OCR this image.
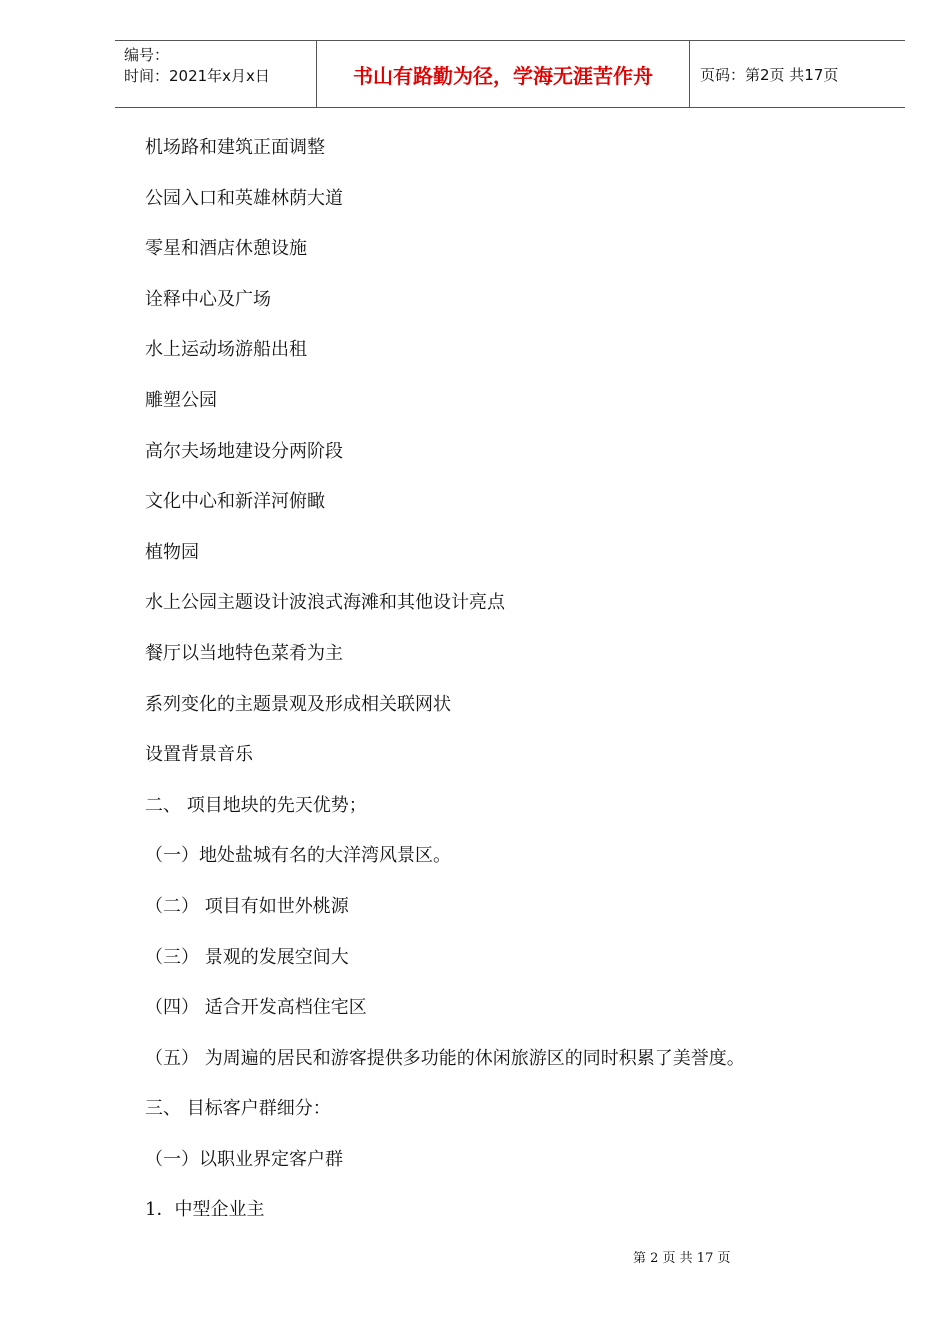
编号：
时间：2021年x月x日	书山有路勤为径，学海无涯苦作舟	页码：第2页 共17页
机场路和建筑正面调整
公园入口和英雄林荫大道
零星和酒店休憩设施
诠释中心及广场
水上运动场游船出租
雕塑公园
高尔夫场地建设分两阶段
文化中心和新洋河俯瞰
植物园
水上公园主题设计波浪式海滩和其他设计亮点
餐厅以当地特色菜肴为主
系列变化的主题景观及形成相关联网状
设置背景音乐
二、 项目地块的先天优势；
（一）地处盐城有名的大洋湾风景区。
（二） 项目有如世外桃源
（三） 景观的发展空间大
（四） 适合开发高档住宅区
（五） 为周遍的居民和游客提供多功能的休闲旅游区的同时积累了美誉度。
三、 目标客户群细分：
（一）以职业界定客户群
1．中型企业主
第 2 页 共 17 页
